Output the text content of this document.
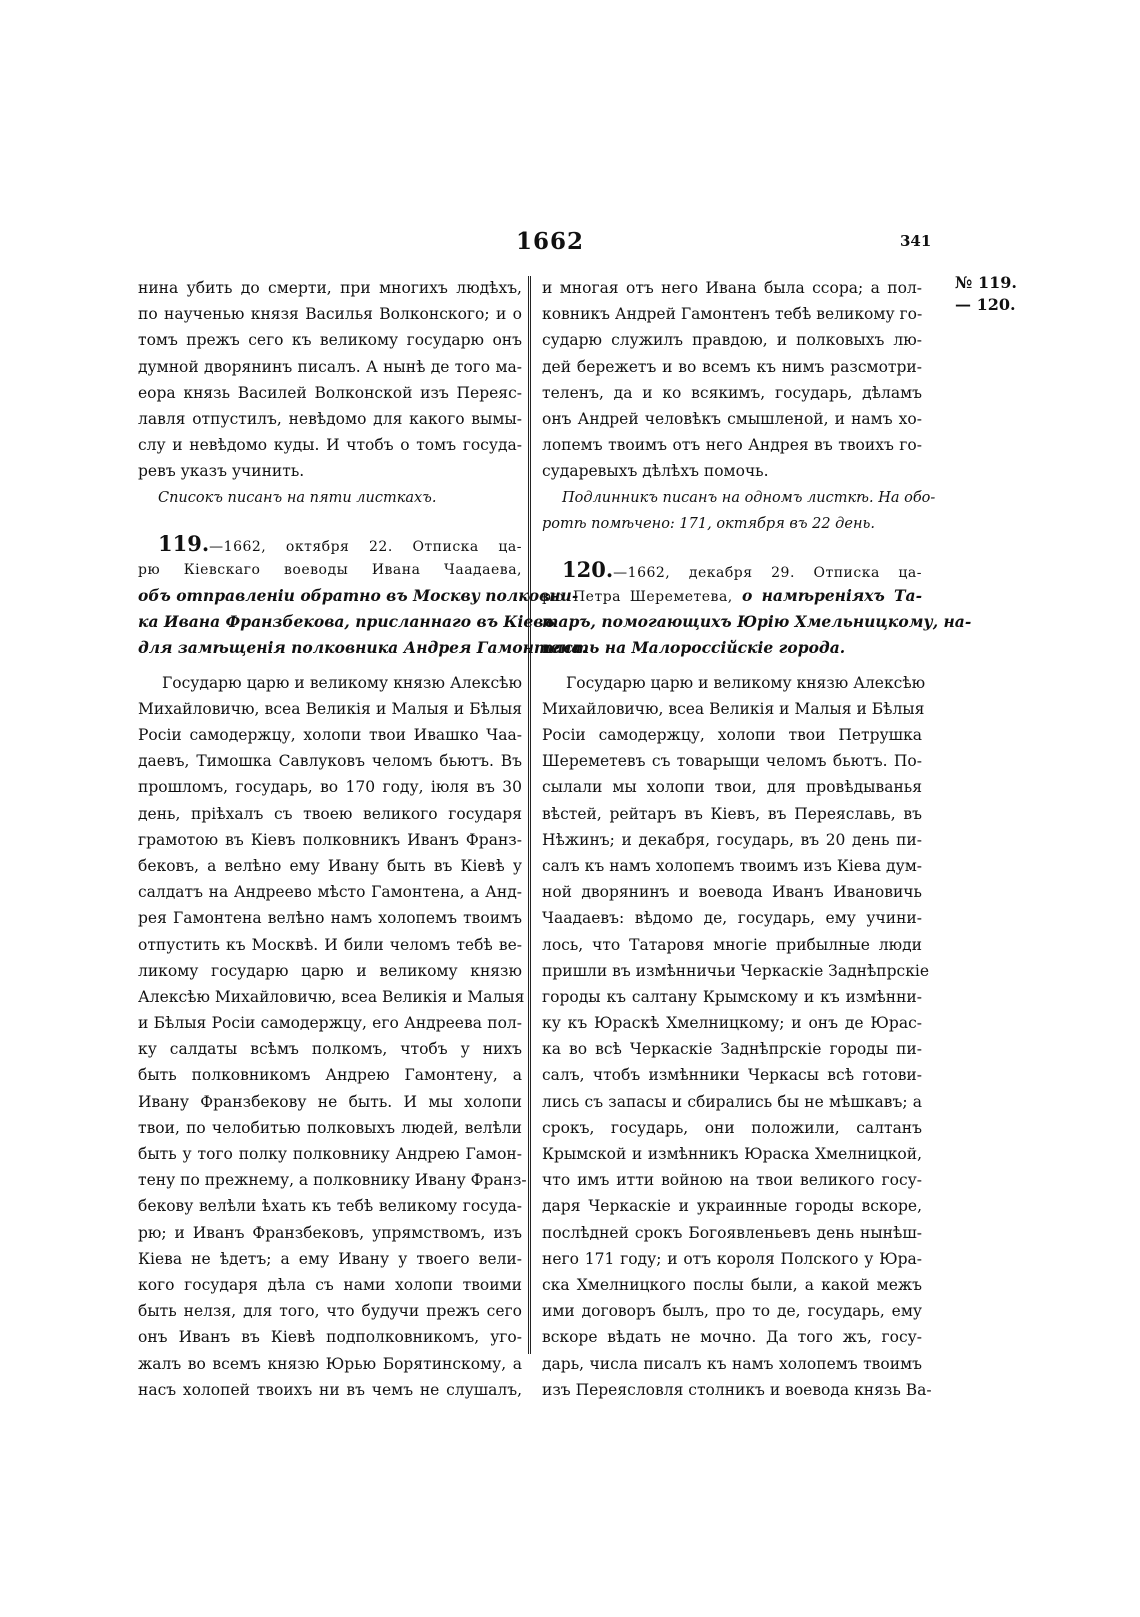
1662	341
№ 119.
— 120.
нина убить до смерти, при многихъ людѣхъ,
по наученью князя Василья Волконского; и о
томъ прежъ сего къ великому государю онъ
думной дворянинъ писалъ. А нынѣ де того ма-
еора князь Василей Волконской изъ Переяс-
лавля отпустилъ, невѣдомо для какого вымы-
слу и невѣдомо куды. И чтобъ о томъ госуда-
ревъ указъ учинить.
Списокъ писанъ на пяти листкахъ.
119.—1662, октября 22. Отписка ца-
рю Кіевскаго воеводы Ивана Чаадаева,
объ отправленіи обратно въ Москву полковни-
ка Ивана Франзбекова, присланнаго въ Кіевъ
для замѣщенія полковника Андрея Гамонтена.
Государю царю и великому князю Алексѣю
Михайловичю, всеа Великія и Малыя и Бѣлыя
Росіи самодержцу, холопи твои Ивашко Чаа-
даевъ, Тимошка Савлуковъ челомъ бьютъ. Въ
прошломъ, государь, во 170 году, іюля въ 30
день, пріѣхалъ съ твоею великого государя
грамотою въ Кіевъ полковникъ Иванъ Франз-
бековъ, а велѣно ему Ивану быть въ Кіевѣ у
салдатъ на Андреево мѣсто Гамонтена, а Анд-
рея Гамонтена велѣно намъ холопемъ твоимъ
отпустить къ Москвѣ. И били челомъ тебѣ ве-
ликому государю царю и великому князю
Алексѣю Михайловичю, всеа Великія и Малыя
и Бѣлыя Росіи самодержцу, его Андреева пол-
ку салдаты всѣмъ полкомъ, чтобъ у нихъ
быть полковникомъ Андрею Гамонтену, а
Ивану Франзбекову не быть. И мы холопи
твои, по челобитью полковыхъ людей, велѣли
быть у того полку полковнику Андрею Гамон-
тену по прежнему, а полковнику Ивану Франз-
бекову велѣли ѣхать къ тебѣ великому госуда-
рю; и Иванъ Франзбековъ, упрямствомъ, изъ
Кіева не ѣдетъ; а ему Ивану у твоего вели-
кого государя дѣла съ нами холопи твоими
быть нелзя, для того, что будучи прежъ сего
онъ Иванъ въ Кіевѣ подполковникомъ, уго-
жалъ во всемъ князю Юрью Борятинскому, а
насъ холопей твоихъ ни въ чемъ не слушалъ,
и многая отъ него Ивана была ссора; а пол-
ковникъ Андрей Гамонтенъ тебѣ великому го-
сударю служилъ правдою, и полковыхъ лю-
дей бережетъ и во всемъ къ нимъ разсмотри-
теленъ, да и ко всякимъ, государь, дѣламъ
онъ Андрей человѣкъ смышленой, и намъ хо-
лопемъ твоимъ отъ него Андрея въ твоихъ го-
сударевыхъ дѣлѣхъ помочь.
Подлинникъ писанъ на одномъ листкѣ. На обо-
ротѣ помѣчено: 171, октября въ 22 день.
120.—1662, декабря 29. Отписка ца-
рю Петра Шереметева, о намѣреніяхъ Та-
таръ, помогающихъ Юрію Хмельницкому, на-
пасть на Малороссійскіе города.
Государю царю и великому князю Алексѣю
Михайловичю, всеа Великія и Малыя и Бѣлыя
Росіи самодержцу, холопи твои Петрушка
Шереметевъ съ товарыщи челомъ бьютъ. По-
сылали мы холопи твои, для провѣдыванья
вѣстей, рейтаръ въ Кіевъ, въ Переяславь, въ
Нѣжинъ; и декабря, государь, въ 20 день пи-
салъ къ намъ холопемъ твоимъ изъ Кіева дум-
ной дворянинъ и воевода Иванъ Ивановичь
Чаадаевъ: вѣдомо де, государь, ему учини-
лось, что Татаровя многіе прибылные люди
пришли въ измѣнничьи Черкаскіе Заднѣпрскіе
городы къ салтану Крымскому и къ измѣнни-
ку къ Юраскѣ Хмелницкому; и онъ де Юрас-
ка во всѣ Черкаскіе Заднѣпрскіе городы пи-
салъ, чтобъ измѣнники Черкасы всѣ готови-
лись съ запасы и сбирались бы не мѣшкавъ; а
срокъ, государь, они положили, салтанъ
Крымской и измѣнникъ Юраска Хмелницкой,
что имъ итти войною на твои великого госу-
даря Черкаскіе и украинные городы вскоре,
послѣдней срокъ Богоявленьевъ день нынѣш-
него 171 году; и отъ короля Полского у Юра-
ска Хмелницкого послы были, а какой межъ
ими договоръ былъ, про то де, государь, ему
вскоре вѣдать не мочно. Да того жъ, госу-
дарь, числа писалъ къ намъ холопемъ твоимъ
изъ Переясловля столникъ и воевода князь Ва-
